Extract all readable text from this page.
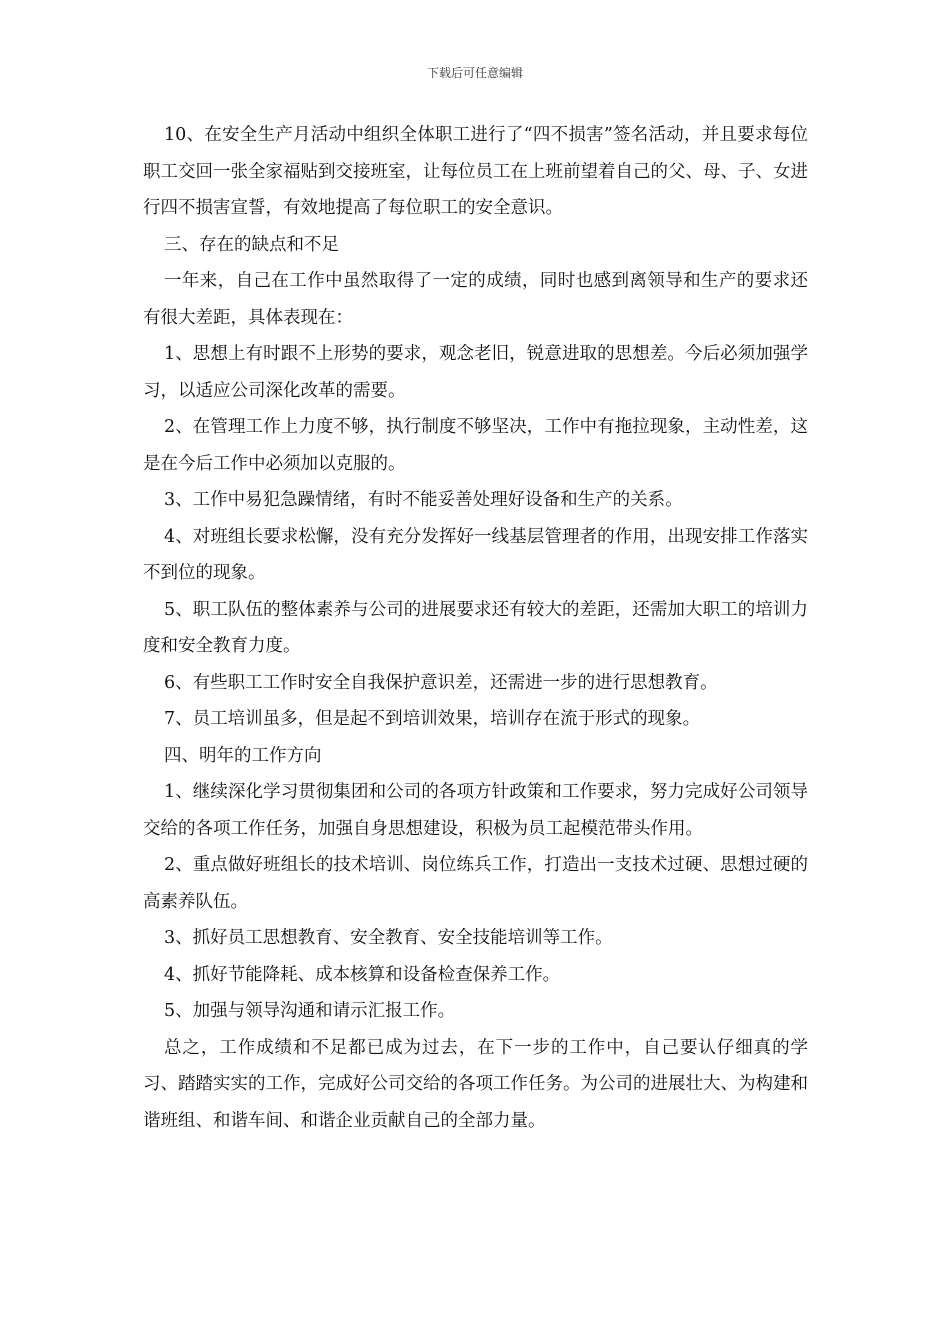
下载后可任意编辑

10、在安全生产月活动中组织全体职工进行了“四不损害”签名活动，并且要求每位职工交回一张全家福贴到交接班室，让每位员工在上班前望着自己的父、母、子、女进行四不损害宣誓，有效地提高了每位职工的安全意识。

三、存在的缺点和不足

一年来，自己在工作中虽然取得了一定的成绩，同时也感到离领导和生产的要求还有很大差距，具体表现在：

1、思想上有时跟不上形势的要求，观念老旧，锐意进取的思想差。今后必须加强学习，以适应公司深化改革的需要。

2、在管理工作上力度不够，执行制度不够坚决，工作中有拖拉现象，主动性差，这是在今后工作中必须加以克服的。

3、工作中易犯急躁情绪，有时不能妥善处理好设备和生产的关系。

4、对班组长要求松懈，没有充分发挥好一线基层管理者的作用，出现安排工作落实不到位的现象。

5、职工队伍的整体素养与公司的进展要求还有较大的差距，还需加大职工的培训力度和安全教育力度。

6、有些职工工作时安全自我保护意识差，还需进一步的进行思想教育。

7、员工培训虽多，但是起不到培训效果，培训存在流于形式的现象。

四、明年的工作方向

1、继续深化学习贯彻集团和公司的各项方针政策和工作要求，努力完成好公司领导交给的各项工作任务，加强自身思想建设，积极为员工起模范带头作用。

2、重点做好班组长的技术培训、岗位练兵工作，打造出一支技术过硬、思想过硬的高素养队伍。

3、抓好员工思想教育、安全教育、安全技能培训等工作。

4、抓好节能降耗、成本核算和设备检查保养工作。

5、加强与领导沟通和请示汇报工作。

总之，工作成绩和不足都已成为过去，在下一步的工作中，自己要认仔细真的学习、踏踏实实的工作，完成好公司交给的各项工作任务。为公司的进展壮大、为构建和谐班组、和谐车间、和谐企业贡献自己的全部力量。
